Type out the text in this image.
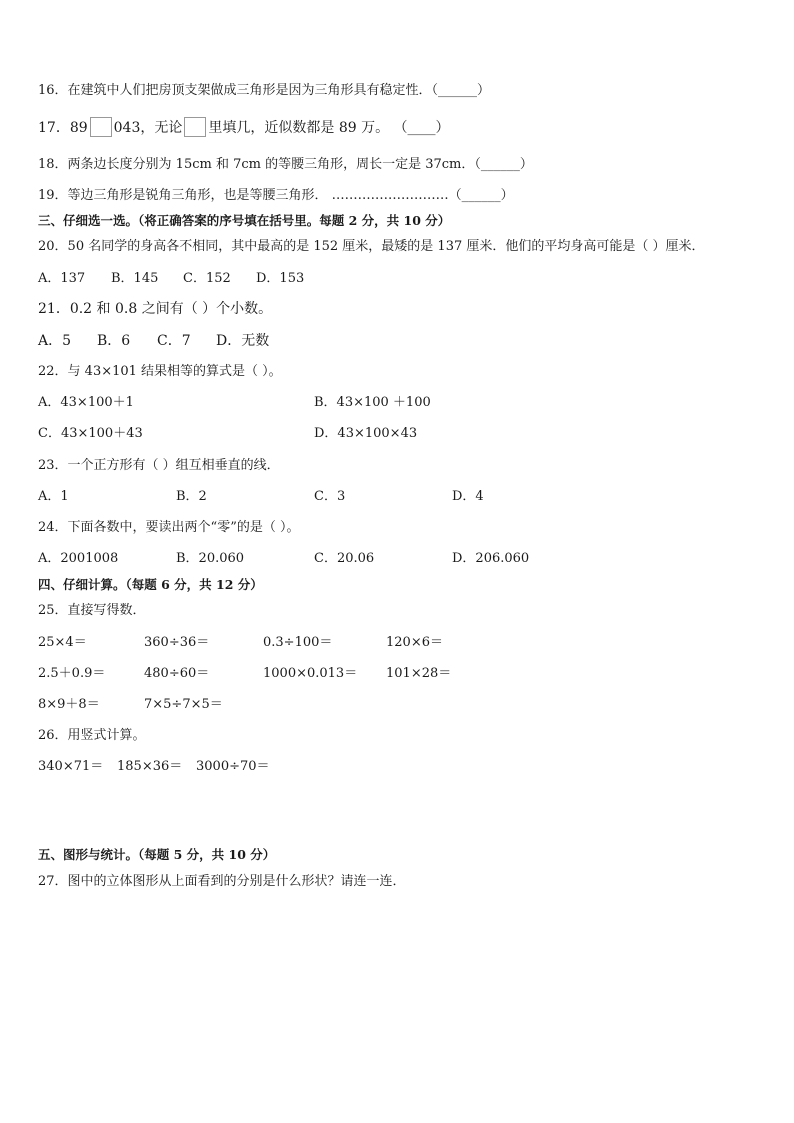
16．在建筑中人们把房顶支架做成三角形是因为三角形具有稳定性．（______）
17．89 043，无论 里填几，近似数都是 89 万。 （____）
18．两条边长度分别为 15cm 和 7cm 的等腰三角形，周长一定是 37cm．（______）
19．等边三角形是锐角三角形，也是等腰三角形． ………………………（______）
三、仔细选一选。（将正确答案的序号填在括号里。每题 2 分，共 10 分）
20．50 名同学的身高各不相同，其中最高的是 152 厘米，最矮的是 137 厘米．他们的平均身高可能是（ ）厘米．
A．137 B．145 C．152 D．153
21．0.2 和 0.8 之间有（ ）个小数。
A．5 B．6 C．7 D．无数
22．与 43×101 结果相等的算式是（ ）。
A．43×100＋1	B．43×100 ＋100
C．43×100＋43	D．43×100×43
23．一个正方形有（ ）组互相垂直的线．
A．1	B．2	C．3	D．4
24．下面各数中，要读出两个“零”的是（ ）。
A．2001008	B．20.060	C．20.06	D．206.060
四、仔细计算。（每题 6 分，共 12 分）
25．直接写得数．
25×4＝	360÷36＝	0.3÷100＝	120×6＝
2.5＋0.9＝	480÷60＝	1000×0.013＝ 101×28＝
8×9＋8＝	7×5÷7×5＝
26．用竖式计算。
340×71＝ 185×36＝ 3000÷70＝
五、图形与统计。（每题 5 分，共 10 分）
27．图中的立体图形从上面看到的分别是什么形状？请连一连．
